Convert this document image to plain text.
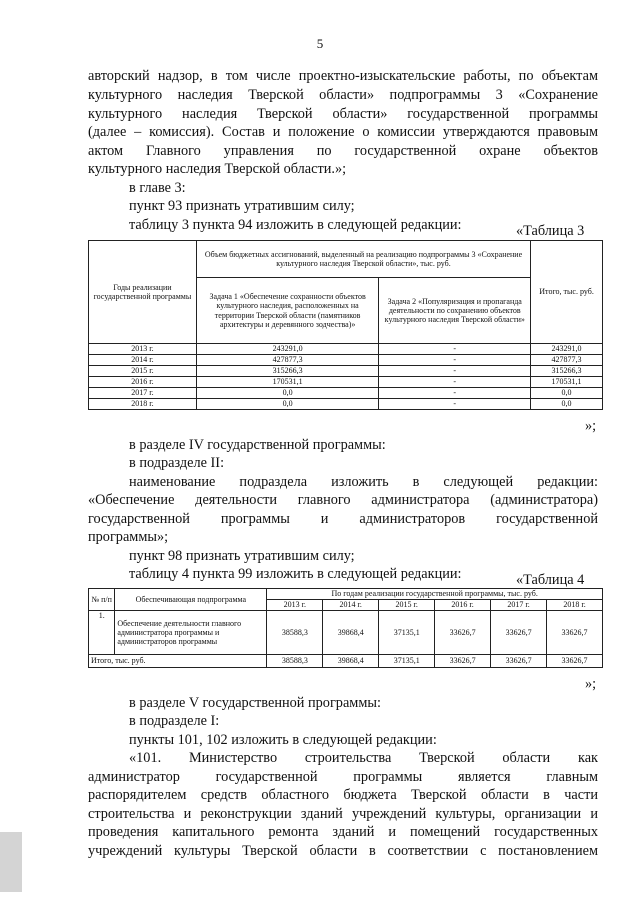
5
авторский надзор, в том числе проектно-изыскательские работы, по объектам
культурного наследия Тверской области» подпрограммы 3 «Сохранение
культурного наследия Тверской области» государственной программы
(далее – комиссия). Состав и положение о комиссии утверждаются правовым
актом Главного управления по государственной охране объектов
культурного наследия Тверской области.»;
в главе 3:
пункт 93 признать утратившим силу;
таблицу 3 пункта 94 изложить в следующей редакции:	«Таблица 3
Годы реализации государственной программы	Объем бюджетных ассигнований, выделенный на реализацию подпрограммы 3 «Сохранение культурного наследия Тверской области», тыс. руб.		Итого, тыс. руб.
	Задача 1 «Обеспечение сохранности объектов культурного наследия, расположенных на территории Тверской области (памятников архитектуры и деревянного зодчества)»	Задача 2 «Популяризация и пропаганда деятельности по сохранению объектов культурного наследия Тверской области»	
2013 г.	243291,0	-	243291,0
2014 г.	427877,3	-	427877,3
2015 г.	315266,3	-	315266,3
2016 г.	170531,1	-	170531,1
2017 г.	0,0	-	0,0
2018 г.	0,0	-	0,0
»;
в разделе IV государственной программы:
в подразделе II:
наименование подраздела изложить в следующей редакции:
«Обеспечение деятельности главного администратора (администратора)
государственной программы и администраторов государственной
программы»;
пункт 98 признать утратившим силу;
таблицу 4 пункта 99 изложить в следующей редакции:	«Таблица 4
№ п/п	Обеспечивающая подпрограмма	По годам реализации государственной программы, тыс. руб.					
		2013 г.	2014 г.	2015 г.	2016 г.	2017 г.	2018 г.
1.	Обеспечение деятельности главного администратора программы и администраторов программы	38588,3	39868,4	37135,1	33626,7	33626,7	33626,7
Итого, тыс. руб.		38588,3	39868,4	37135,1	33626,7	33626,7	33626,7
»;
в разделе V государственной программы:
в подразделе I:
пункты 101, 102 изложить в следующей редакции:
«101. Министерство строительства Тверской области как
администратор государственной программы является главным
распорядителем средств областного бюджета Тверской области в части
строительства и реконструкции зданий учреждений культуры, организации и
проведения капитального ремонта зданий и помещений государственных
учреждений культуры Тверской области в соответствии с постановлением
